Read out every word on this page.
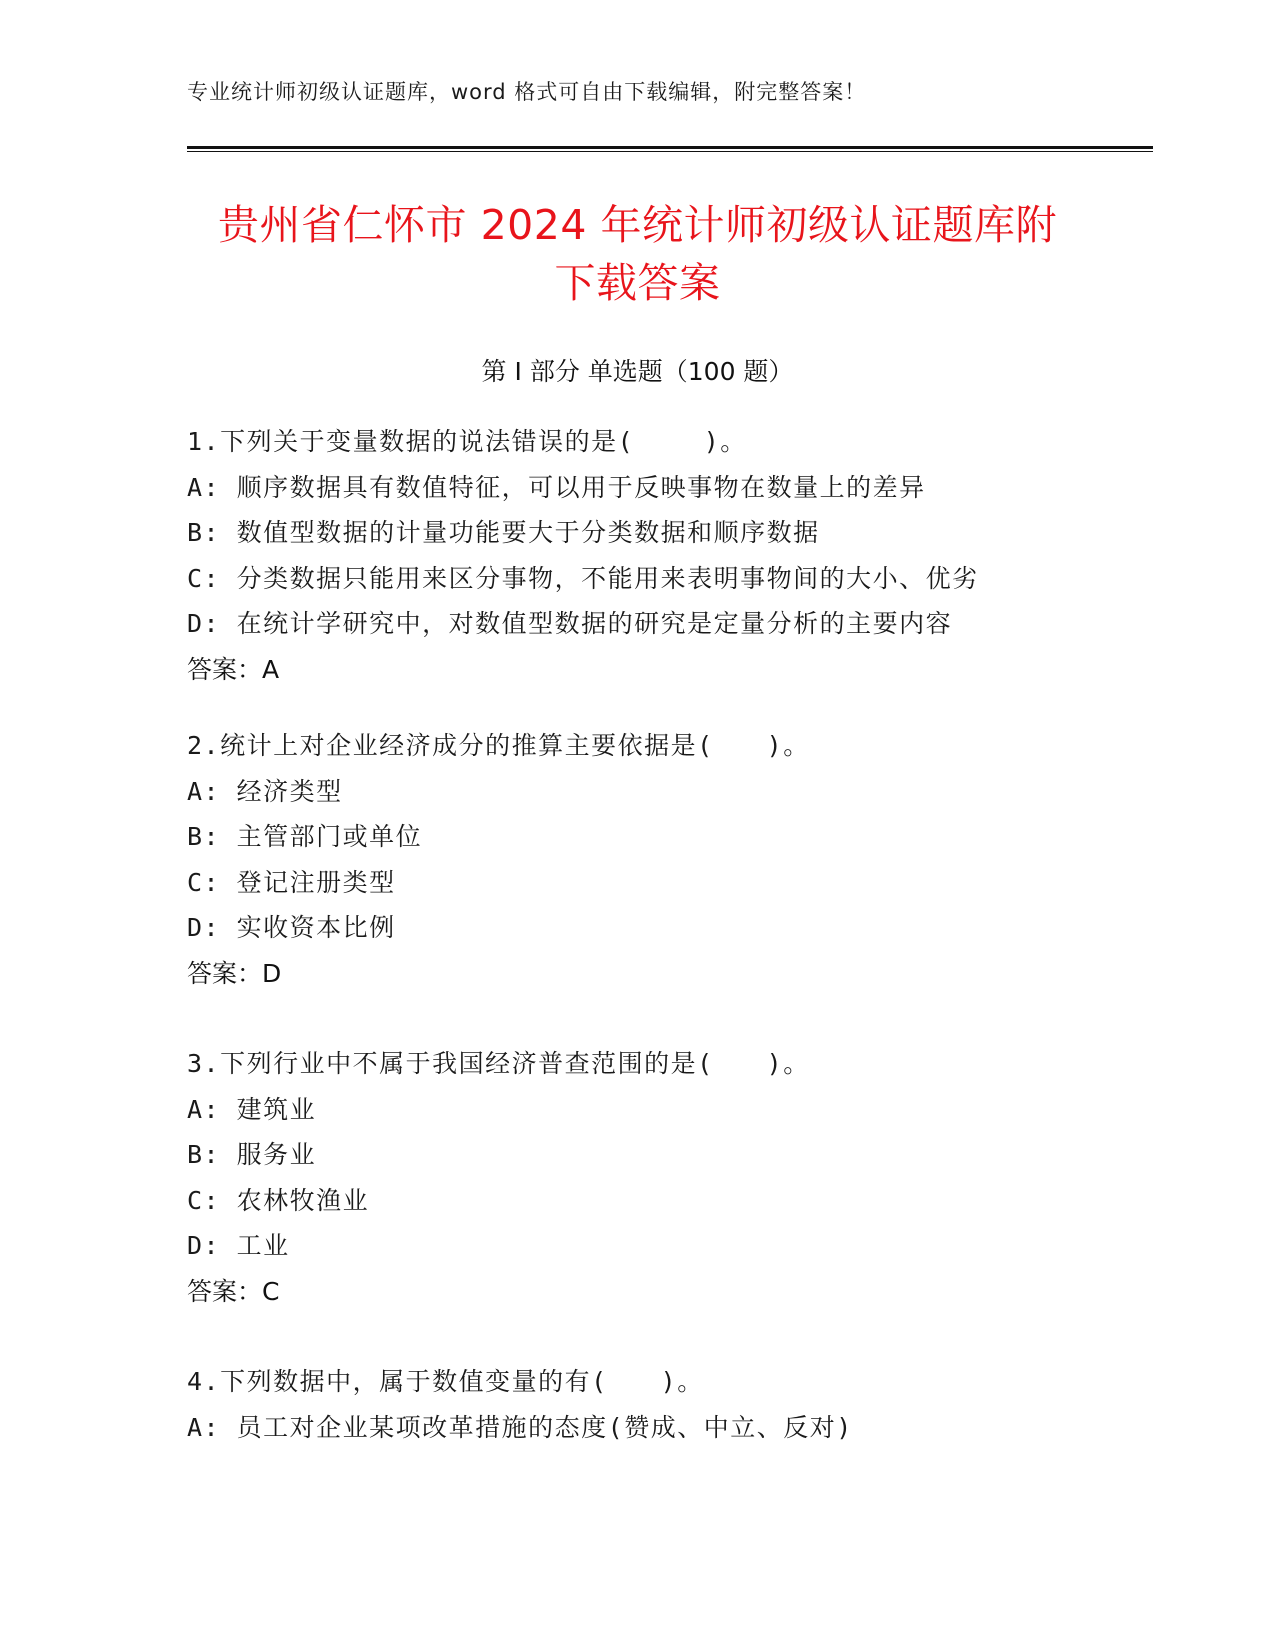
专业统计师初级认证题库，word 格式可自由下载编辑，附完整答案！
贵州省仁怀市 2024 年统计师初级认证题库附
下载答案
第 I 部分 单选题（100 题）
1.下列关于变量数据的说法错误的是(　　 )。
A: 顺序数据具有数值特征，可以用于反映事物在数量上的差异
B: 数值型数据的计量功能要大于分类数据和顺序数据
C: 分类数据只能用来区分事物，不能用来表明事物间的大小、优劣
D: 在统计学研究中，对数值型数据的研究是定量分析的主要内容
答案：A
2.统计上对企业经济成分的推算主要依据是(　　)。
A: 经济类型
B: 主管部门或单位
C: 登记注册类型
D: 实收资本比例
答案：D
3.下列行业中不属于我国经济普查范围的是(　　)。
A: 建筑业
B: 服务业
C: 农林牧渔业
D: 工业
答案：C
4.下列数据中，属于数值变量的有(　　)。
A: 员工对企业某项改革措施的态度(赞成、中立、反对)
